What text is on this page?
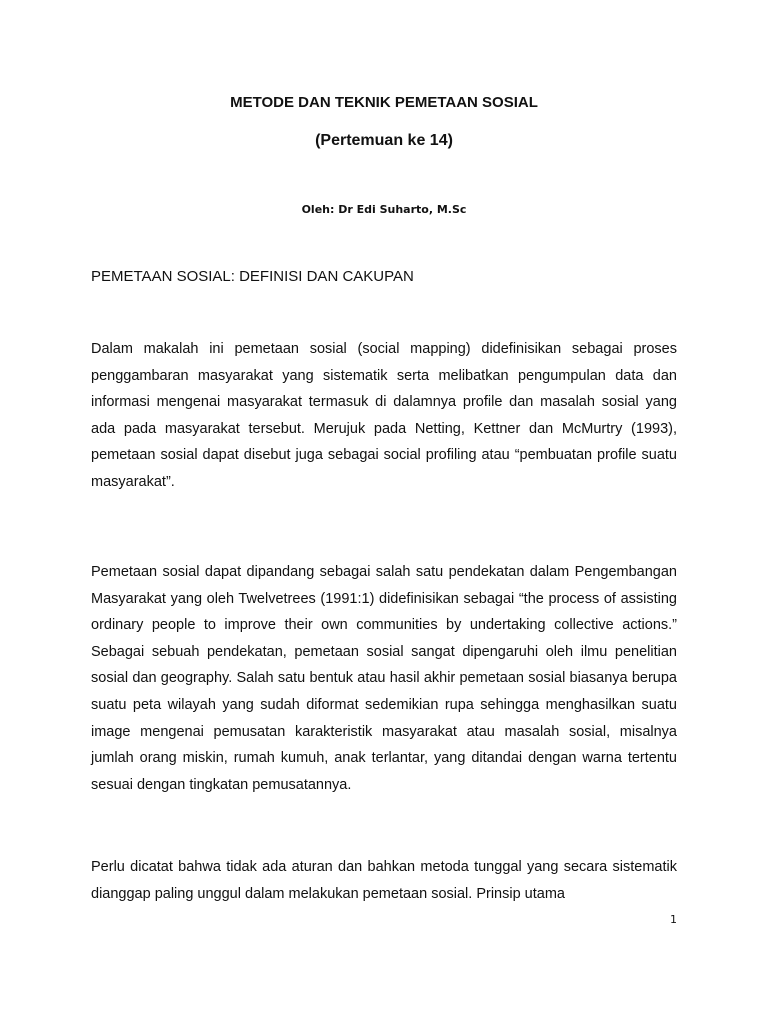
METODE DAN TEKNIK PEMETAAN SOSIAL
(Pertemuan ke 14)

Oleh: Dr Edi Suharto, M.Sc

PEMETAAN SOSIAL: DEFINISI DAN CAKUPAN

Dalam makalah ini pemetaan sosial (social mapping) didefinisikan sebagai proses penggambaran masyarakat yang sistematik serta melibatkan pengumpulan data dan informasi mengenai masyarakat termasuk di dalamnya profile dan masalah sosial yang ada pada masyarakat tersebut. Merujuk pada Netting, Kettner dan McMurtry (1993), pemetaan sosial dapat disebut juga sebagai social profiling atau “pembuatan profile suatu masyarakat”.

Pemetaan sosial dapat dipandang sebagai salah satu pendekatan dalam Pengembangan Masyarakat yang oleh Twelvetrees (1991:1) didefinisikan sebagai “the process of assisting ordinary people to improve their own communities by undertaking collective actions.” Sebagai sebuah pendekatan, pemetaan sosial sangat dipengaruhi oleh ilmu penelitian sosial dan geography. Salah satu bentuk atau hasil akhir pemetaan sosial biasanya berupa suatu peta wilayah yang sudah diformat sedemikian rupa sehingga menghasilkan suatu image mengenai pemusatan karakteristik masyarakat atau masalah sosial, misalnya jumlah orang miskin, rumah kumuh, anak terlantar, yang ditandai dengan warna tertentu sesuai dengan tingkatan pemusatannya.

Perlu dicatat bahwa tidak ada aturan dan bahkan metoda tunggal yang secara sistematik dianggap paling unggul dalam melakukan pemetaan sosial. Prinsip utama

1
